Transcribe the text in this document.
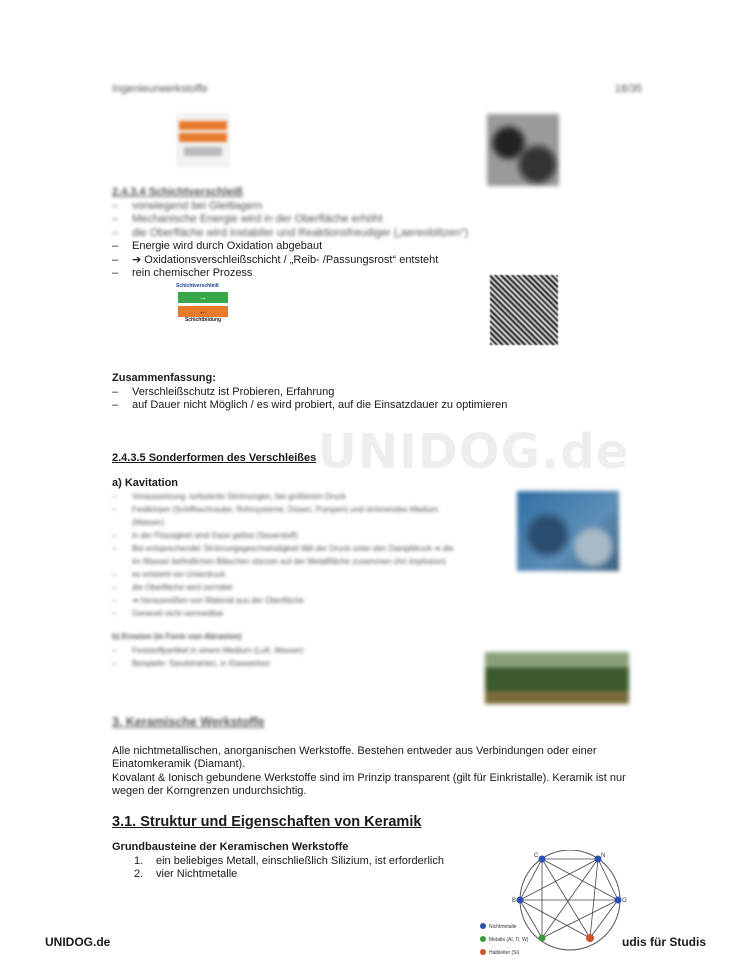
Ingenieurwerkstoffe	18/35
2.4.3.4 Schichtverschleiß
– vorwiegend bei Gleitlagern
– Mechanische Energie wird in der Oberfläche erhöht
– die Oberfläche wird instabiler und Reaktionsfreudiger („aereoblitzen“)
– Energie wird durch Oxidation abgebaut
– ➔ Oxidationsverschleißschicht / „Reib- /Passungsrost“ entsteht
– rein chemischer Prozess
Schichtverschleiß
→
←
Schichtbildung
Zusammenfassung:
– Verschleißschutz ist Probieren, Erfahrung
– auf Dauer nicht Möglich / es wird probiert, auf die Einsatzdauer zu optimieren
UNIDOG.de
2.4.3.5 Sonderformen des Verschleißes
a) Kavitation
– Voraussetzung: turbulente Strömungen, bei größerem Druck
– Festkörper (Schiffsschraube, Rohrsysteme, Düsen, Pumpen) und strömendes Medium (Wasser)
– in der Flüssigkeit sind Gase gelöst (Sauerstoff)
– Bei entsprechender Strömungsgeschwindigkeit fällt der Druck unter den Dampfdruck ➔ die im Wasser befindlichen Bläschen stürzen auf der Metallfläche zusammen (Art Implosion)
– es entsteht ein Unterdruck
– die Oberfläche wird zerrüttet
– ➔ herausreißen von Material aus der Oberfläche
– Generell nicht vermeidbar
b) Erosion (in Form von Abrasion)
– Feststoffpartikel in einem Medium (Luft, Wasser)
– Beispiele: Sandstrahlen, in Klaswerken
3. Keramische Werkstoffe
Alle nichtmetallischen, anorganischen Werkstoffe. Bestehen entweder aus Verbindungen oder einer Einatomkeramik (Diamant).
Kovalant & Ionisch gebundene Werkstoffe sind im Prinzip transparent (gilt für Einkristalle). Keramik ist nur wegen der Korngrenzen undurchsichtig.
3.1. Struktur und Eigenschaften von Keramik
Grundbausteine der Keramischen Werkstoffe
1. ein beliebiges Metall, einschließlich Silizium, ist erforderlich
2. vier Nichtmetalle
C	N
B	O
Nichtmetalle
Metalle (Al, Ti, W)
Halbleiter (Si)
UNIDOG.de	udis für Studis
